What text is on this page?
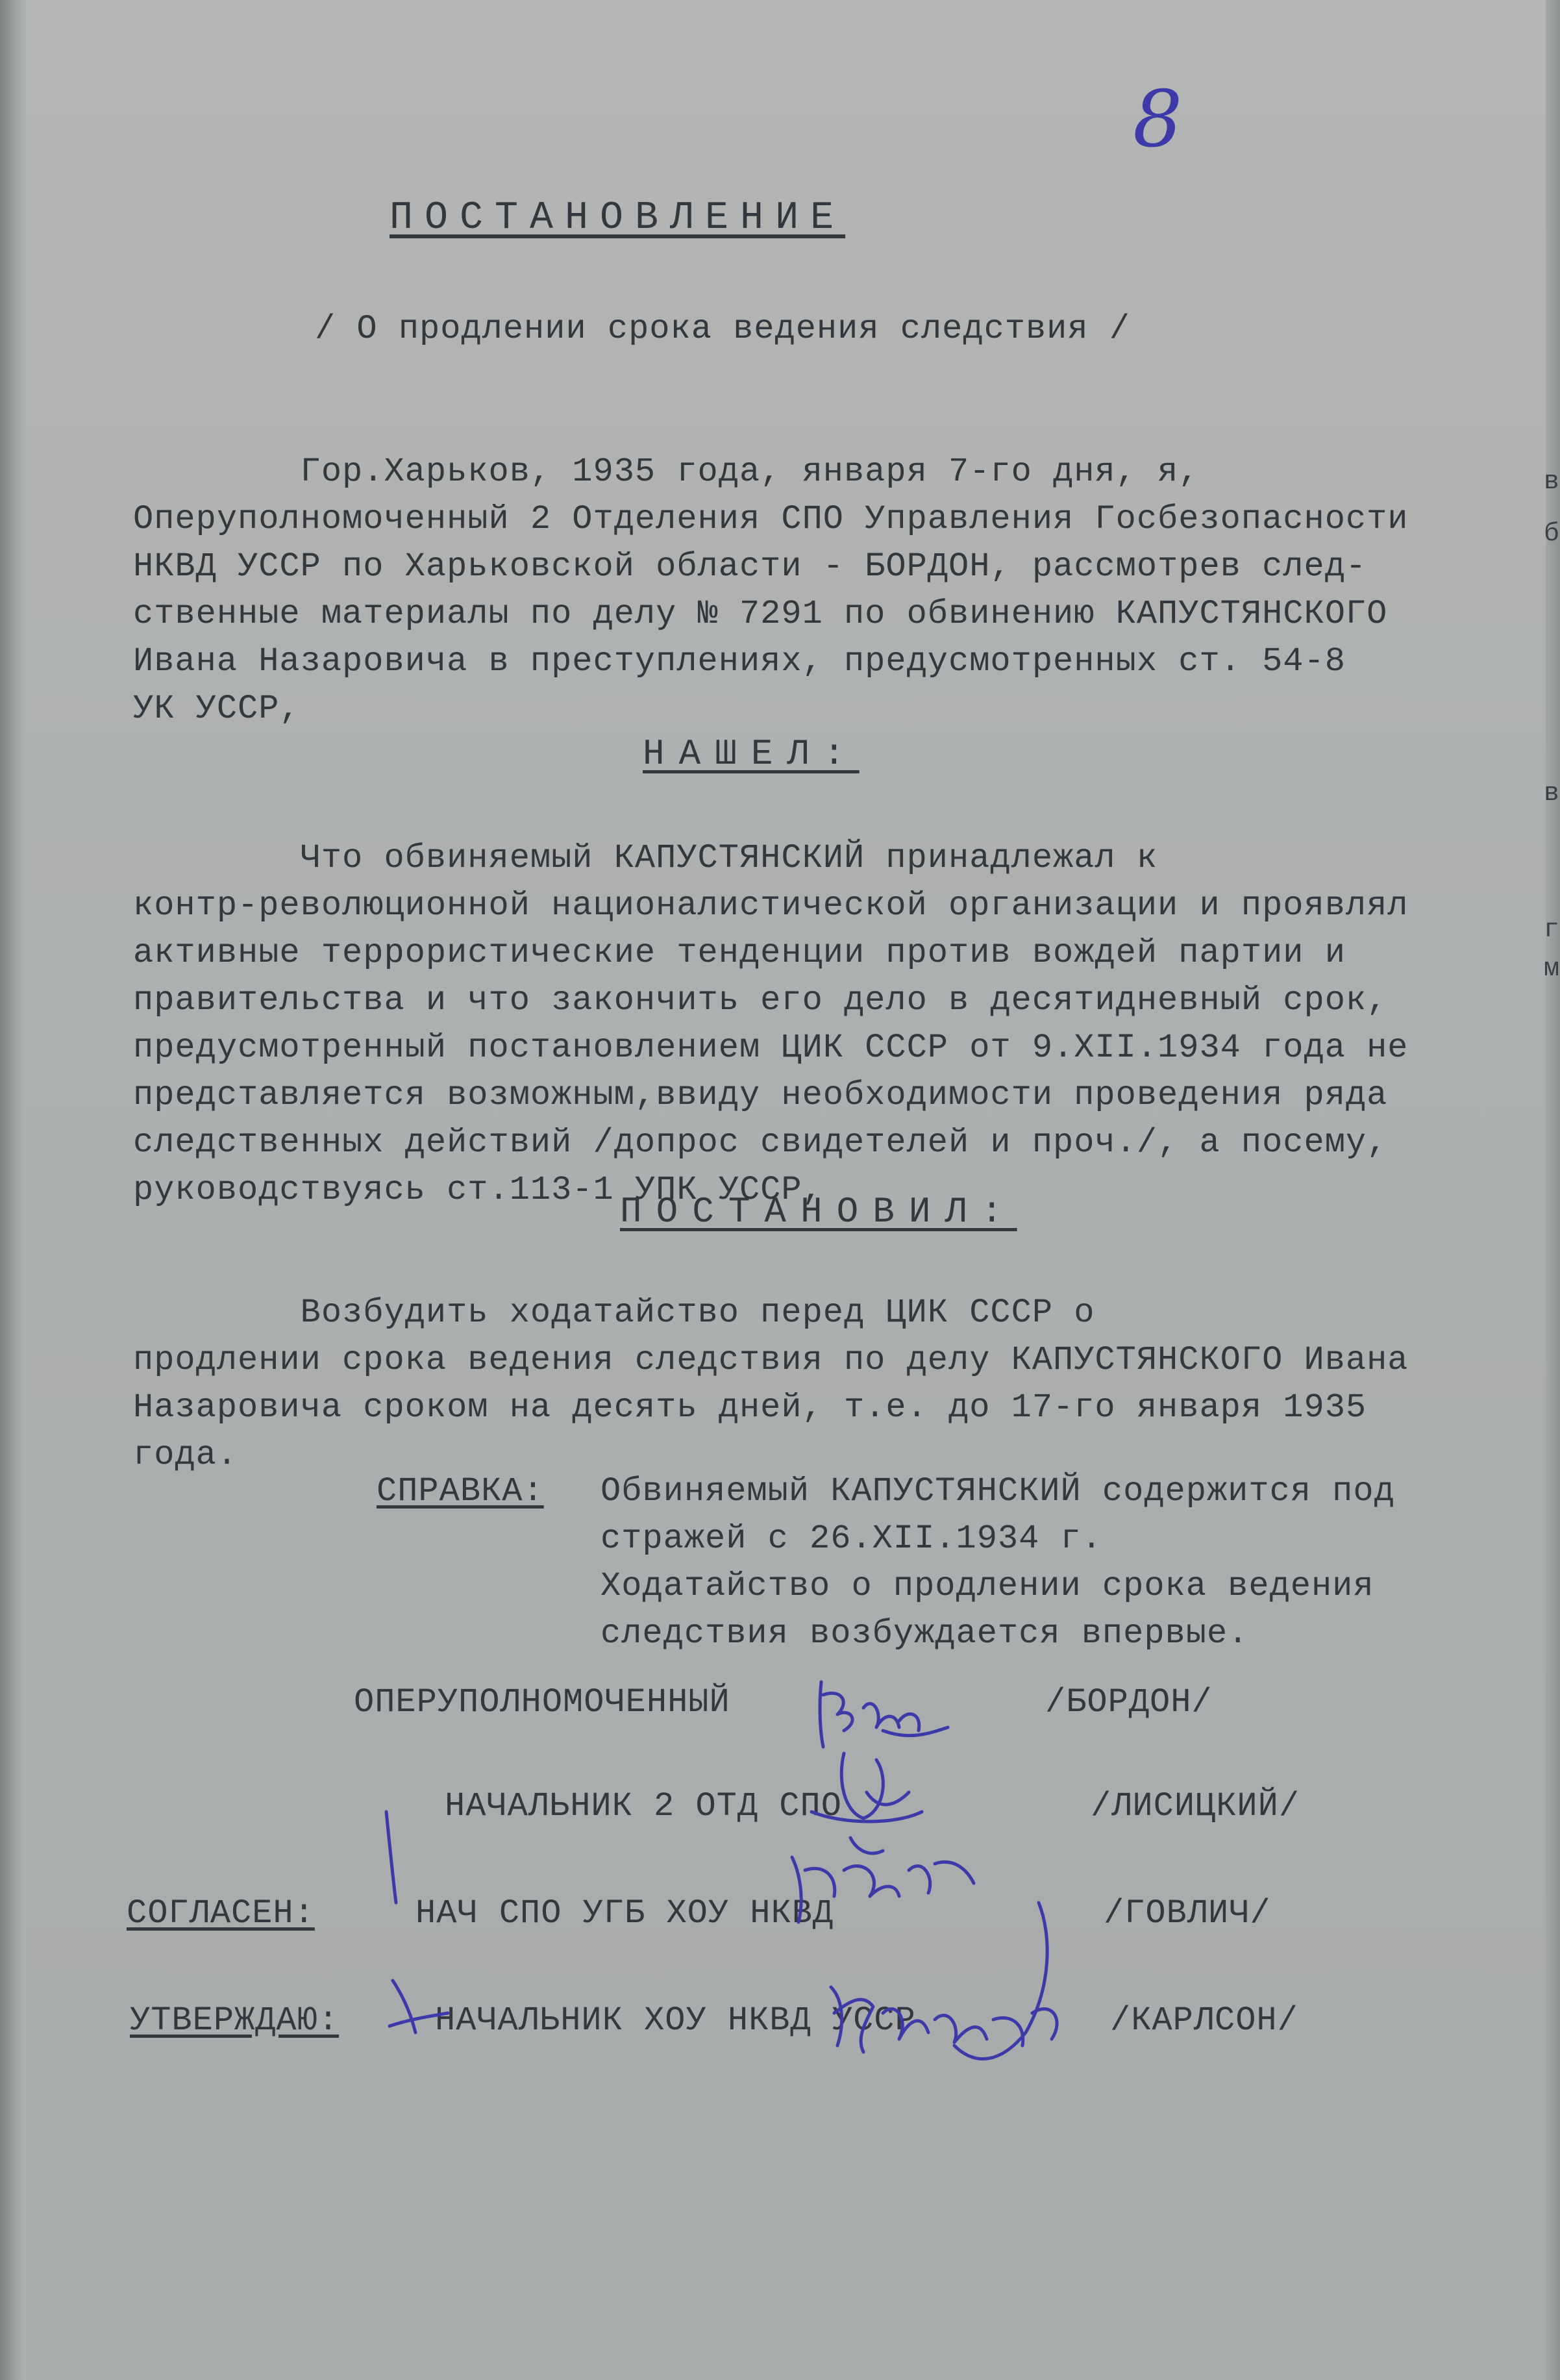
8
ПОСТАНОВЛЕНИЕ
/ О продлении срока ведения следствия /
Гор.Харьков, 1935 года, января 7-го дня, я,
Оперуполномоченный 2 Отделения СПО Управления Госбезопасности
НКВД УССР по Харьковской области - БОРДОН, рассмотрев след-
ственные материалы по делу № 7291 по обвинению КАПУСТЯНСКОГО
Ивана Назаровича в преступлениях, предусмотренных ст. 54-8
УК УССР,
НАШЕЛ:
Что обвиняемый КАПУСТЯНСКИЙ принадлежал к
контр-революционной националистической организации и проявлял
активные террористические тенденции против вождей партии и
правительства и что закончить его дело в десятидневный срок,
предусмотренный постановлением ЦИК СССР от 9.XII.1934 года не
представляется возможным,ввиду необходимости проведения ряда
следственных действий /допрос свидетелей и проч./, а посему,
руководствуясь ст.113-1 УПК УССР,
ПОСТАНОВИЛ:
Возбудить ходатайство перед ЦИК СССР о
продлении срока ведения следствия по делу КАПУСТЯНСКОГО Ивана
Назаровича сроком на десять дней, т.е. до 17-го января 1935
года.
СПРАВКА: Обвиняемый КАПУСТЯНСКИЙ содержится под
стражей с 26.XII.1934 г.
Ходатайство о продлении срока ведения
следствия возбуждается впервые.
ОПЕРУПОЛНОМОЧЕННЫЙ	/БОРДОН/
НАЧАЛЬНИК 2 ОТД СПО	/ЛИСИЦКИЙ/
СОГЛАСЕН:	НАЧ СПО УГБ ХОУ НКВД	/ГОВЛИЧ/
УТВЕРЖДАЮ:	НАЧАЛЬНИК ХОУ НКВД УССР	/КАРЛСОН/
в
б
в
г
м
